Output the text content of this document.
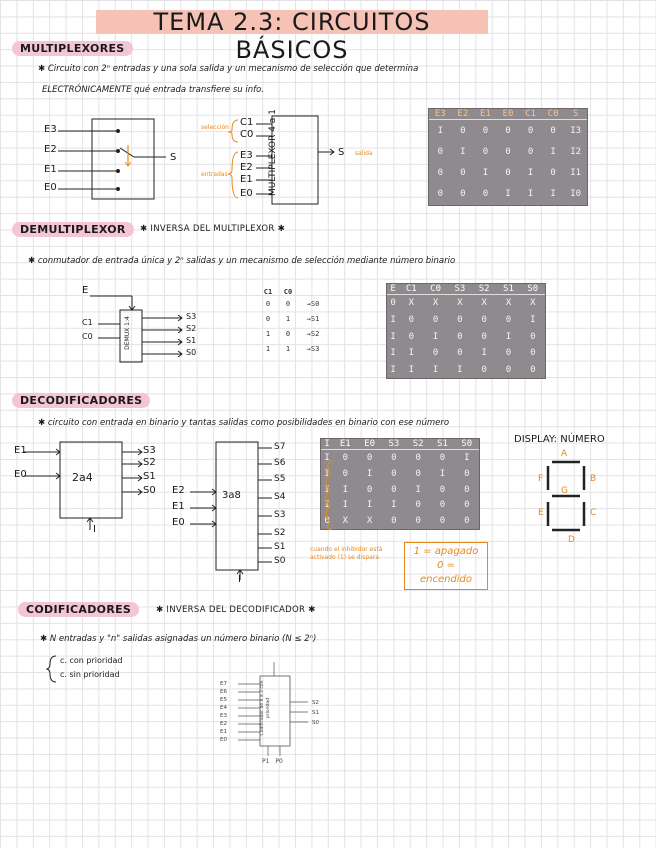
TEMA 2.3: CIRCUITOS BÁSICOS
MULTIPLEXORES
✱ Circuito con 2ⁿ entradas y una sola salida y un mecanismo de selección que determina
ELECTRÓNICAMENTE qué entrada transfiere su info.
E3
E2
E1
E0
S
C1
C0
E3
E2
E1
E0 MULTIPLEXOR 4 a 1	S
selección
entradas
salida
E3	E2	E1	E0	C1	C0	S
I	0	0	0	0	0	I3
0	I	0	0	0	I	I2
0	0	I	0	I	0	I1
0	0	0	I	I	I	I0
DEMULTIPLEXOR	✱ INVERSA DEL MULTIPLEXOR ✱
✱ conmutador de entrada única y 2ⁿ salidas y un mecanismo de selección mediante número binario
E
C1
C0	DEMUX 1:4	S3
S2
S1
S0
C1	C0	
0	0	→S0
0	1	→S1
1	0	→S2
1	1	→S3
E	C1	C0	S3	S2	S1	S0
0	X	X	X	X	X	X
I	0	0	0	0	0	I
I	0	I	0	0	I	0
I	I	0	0	I	0	0
I	I	I	I	0	0	0
DECODIFICADORES
✱ circuito con entrada en binario y tantas salidas como posibilidades en binario con ese número
E1
E0	2a4
S3
S2
S1
S0
I
E2
E1
E0
3a8
S7
S6
S5
S4
S3
S2
S1
S0
I
I	E1	E0	S3	S2	S1	S0
I	0	0	0	0	0	I
I	0	I	0	0	I	0
I	I	0	0	I	0	0
I	I	I	I	0	0	0
0	X	X	0	0	0	0
cuando el inhibidor está activado (1) se dispara
1 = apagado
0 = encendido
DISPLAY: NÚMERO
A
B
C
D
E
F
G
CODIFICADORES	✱ INVERSA DEL DECODIFICADOR ✱
✱ N entradas y "n" salidas asignadas un número binario (N ≤ 2ⁿ)
c. con prioridad
c. sin prioridad
E7
E6
E5
E4
E3
E2
E1
E0
S2
S1
S0
Codificador de 8 a 3 con prioridad
P1 P0
